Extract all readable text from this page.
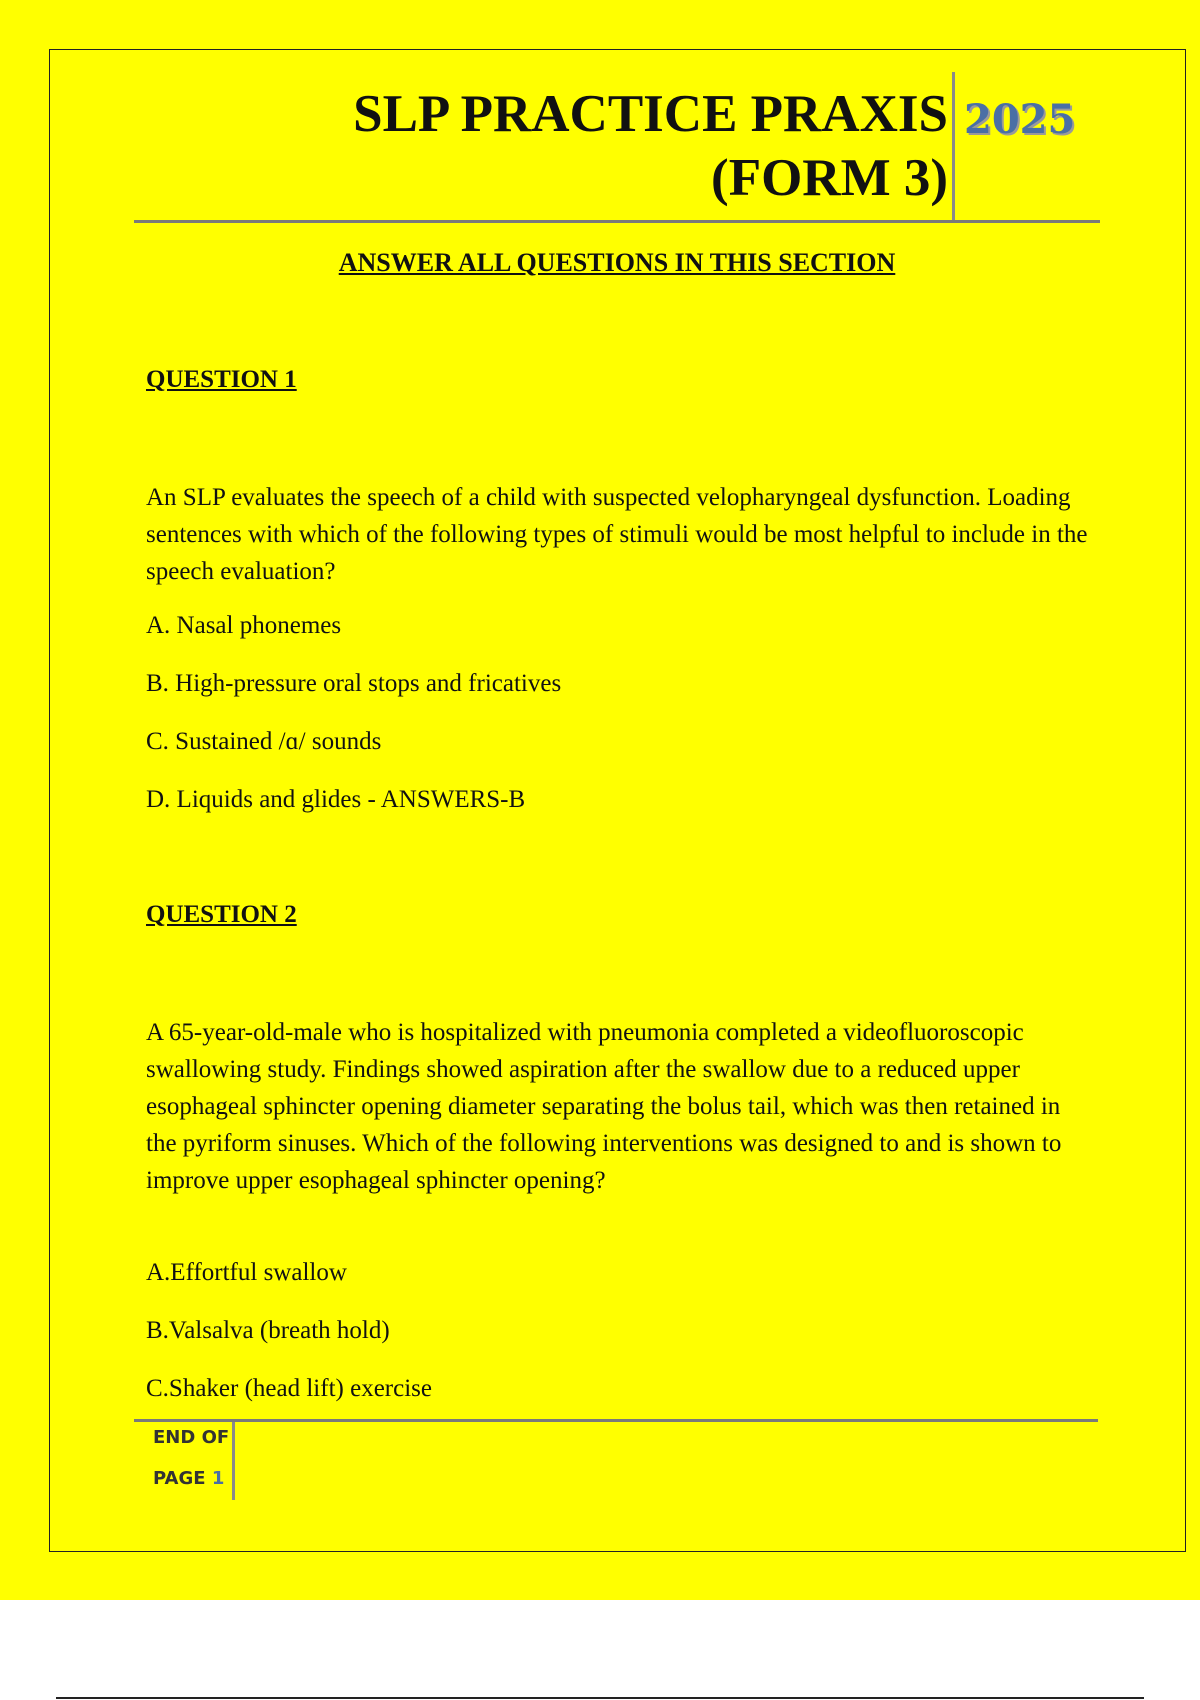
SLP PRACTICE PRAXIS
(FORM 3)
2025
ANSWER ALL QUESTIONS IN THIS SECTION
QUESTION 1

An SLP evaluates the speech of a child with suspected velopharyngeal dysfunction. Loading sentences with which of the following types of stimuli would be most helpful to include in the speech evaluation?

A. Nasal phonemes
B. High-pressure oral stops and fricatives
C. Sustained /ɑ/ sounds
D. Liquids and glides - ANSWERS-B
QUESTION 2

A 65-year-old-male who is hospitalized with pneumonia completed a videofluoroscopic swallowing study. Findings showed aspiration after the swallow due to a reduced upper esophageal sphincter opening diameter separating the bolus tail, which was then retained in the pyriform sinuses. Which of the following interventions was designed to and is shown to improve upper esophageal sphincter opening?

A.Effortful swallow
B.Valsalva (breath hold)
C.Shaker (head lift) exercise
END OF
PAGE 1
